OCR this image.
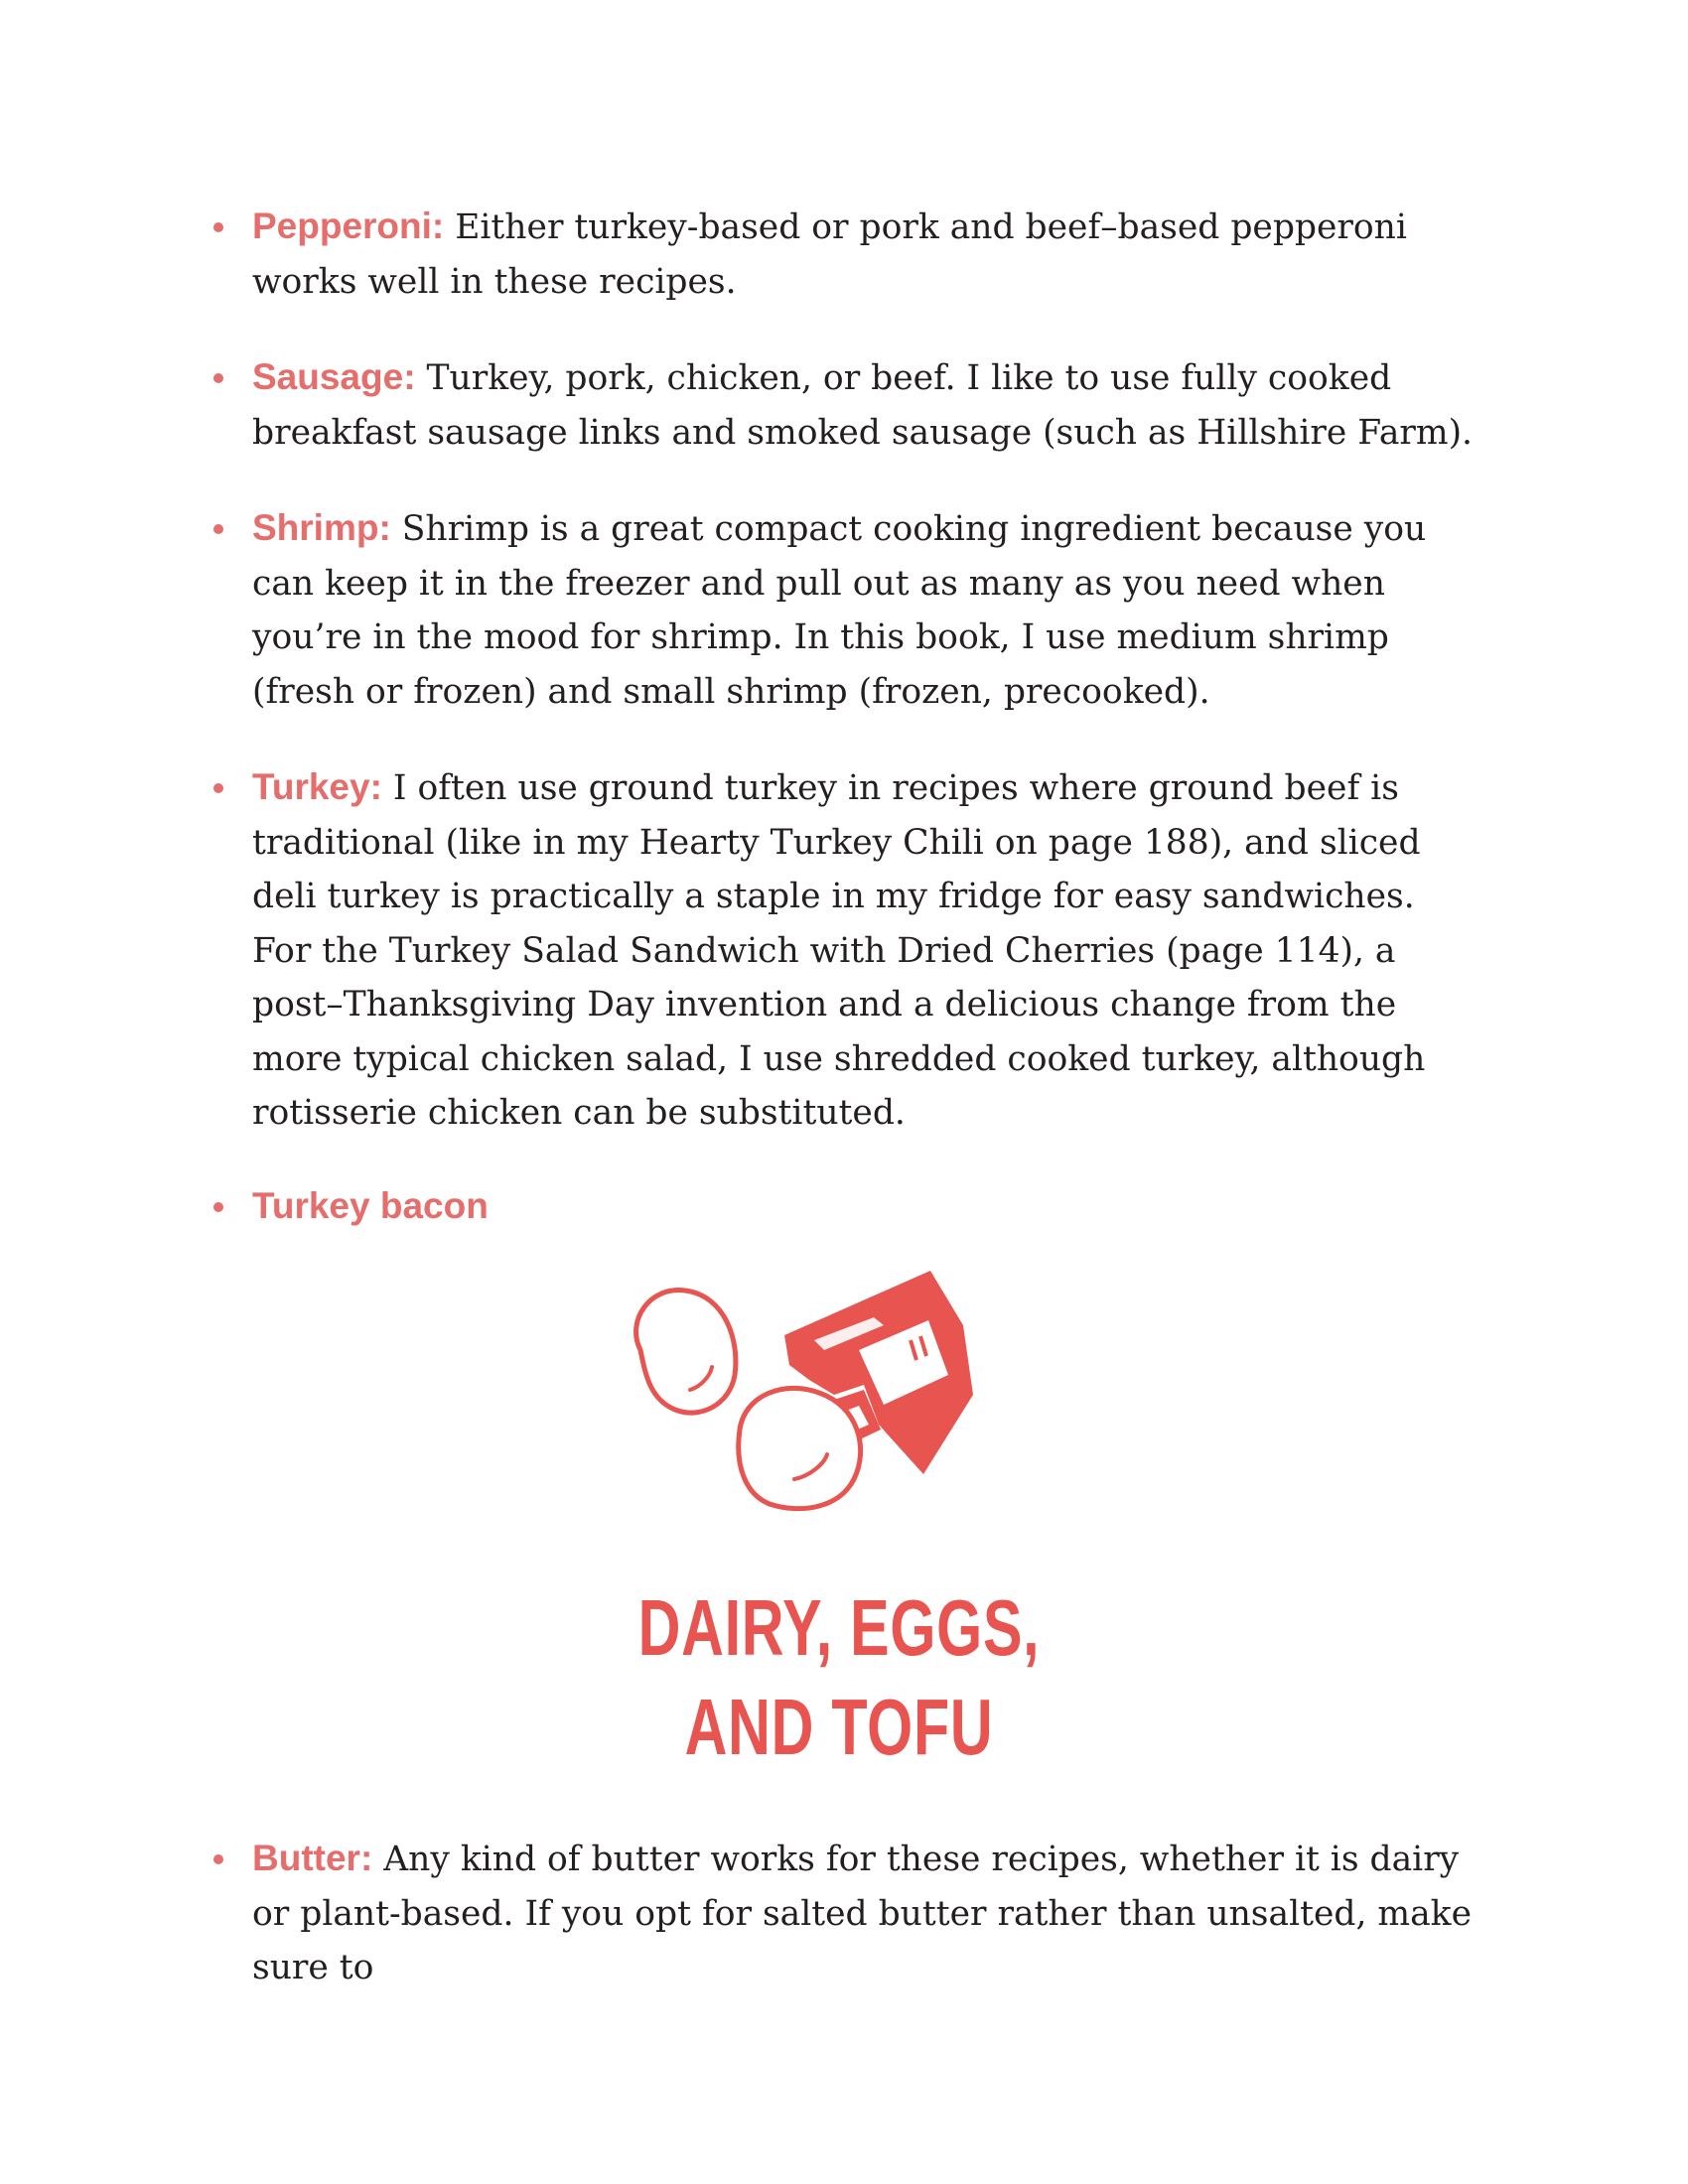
Pepperoni: Either turkey-based or pork and beef–based pepperoni works well in these recipes.
Sausage: Turkey, pork, chicken, or beef. I like to use fully cooked breakfast sausage links and smoked sausage (such as Hillshire Farm).
Shrimp: Shrimp is a great compact cooking ingredient because you can keep it in the freezer and pull out as many as you need when you’re in the mood for shrimp. In this book, I use medium shrimp (fresh or frozen) and small shrimp (frozen, precooked).
Turkey: I often use ground turkey in recipes where ground beef is traditional (like in my Hearty Turkey Chili on page 188), and sliced deli turkey is practically a staple in my fridge for easy sandwiches. For the Turkey Salad Sandwich with Dried Cherries (page 114), a post–Thanksgiving Day invention and a delicious change from the more typical chicken salad, I use shredded cooked turkey, although rotisserie chicken can be substituted.
Turkey bacon
DAIRY, EGGS,
AND TOFU
Butter: Any kind of butter works for these recipes, whether it is dairy or plant-based. If you opt for salted butter rather than unsalted, make sure to
